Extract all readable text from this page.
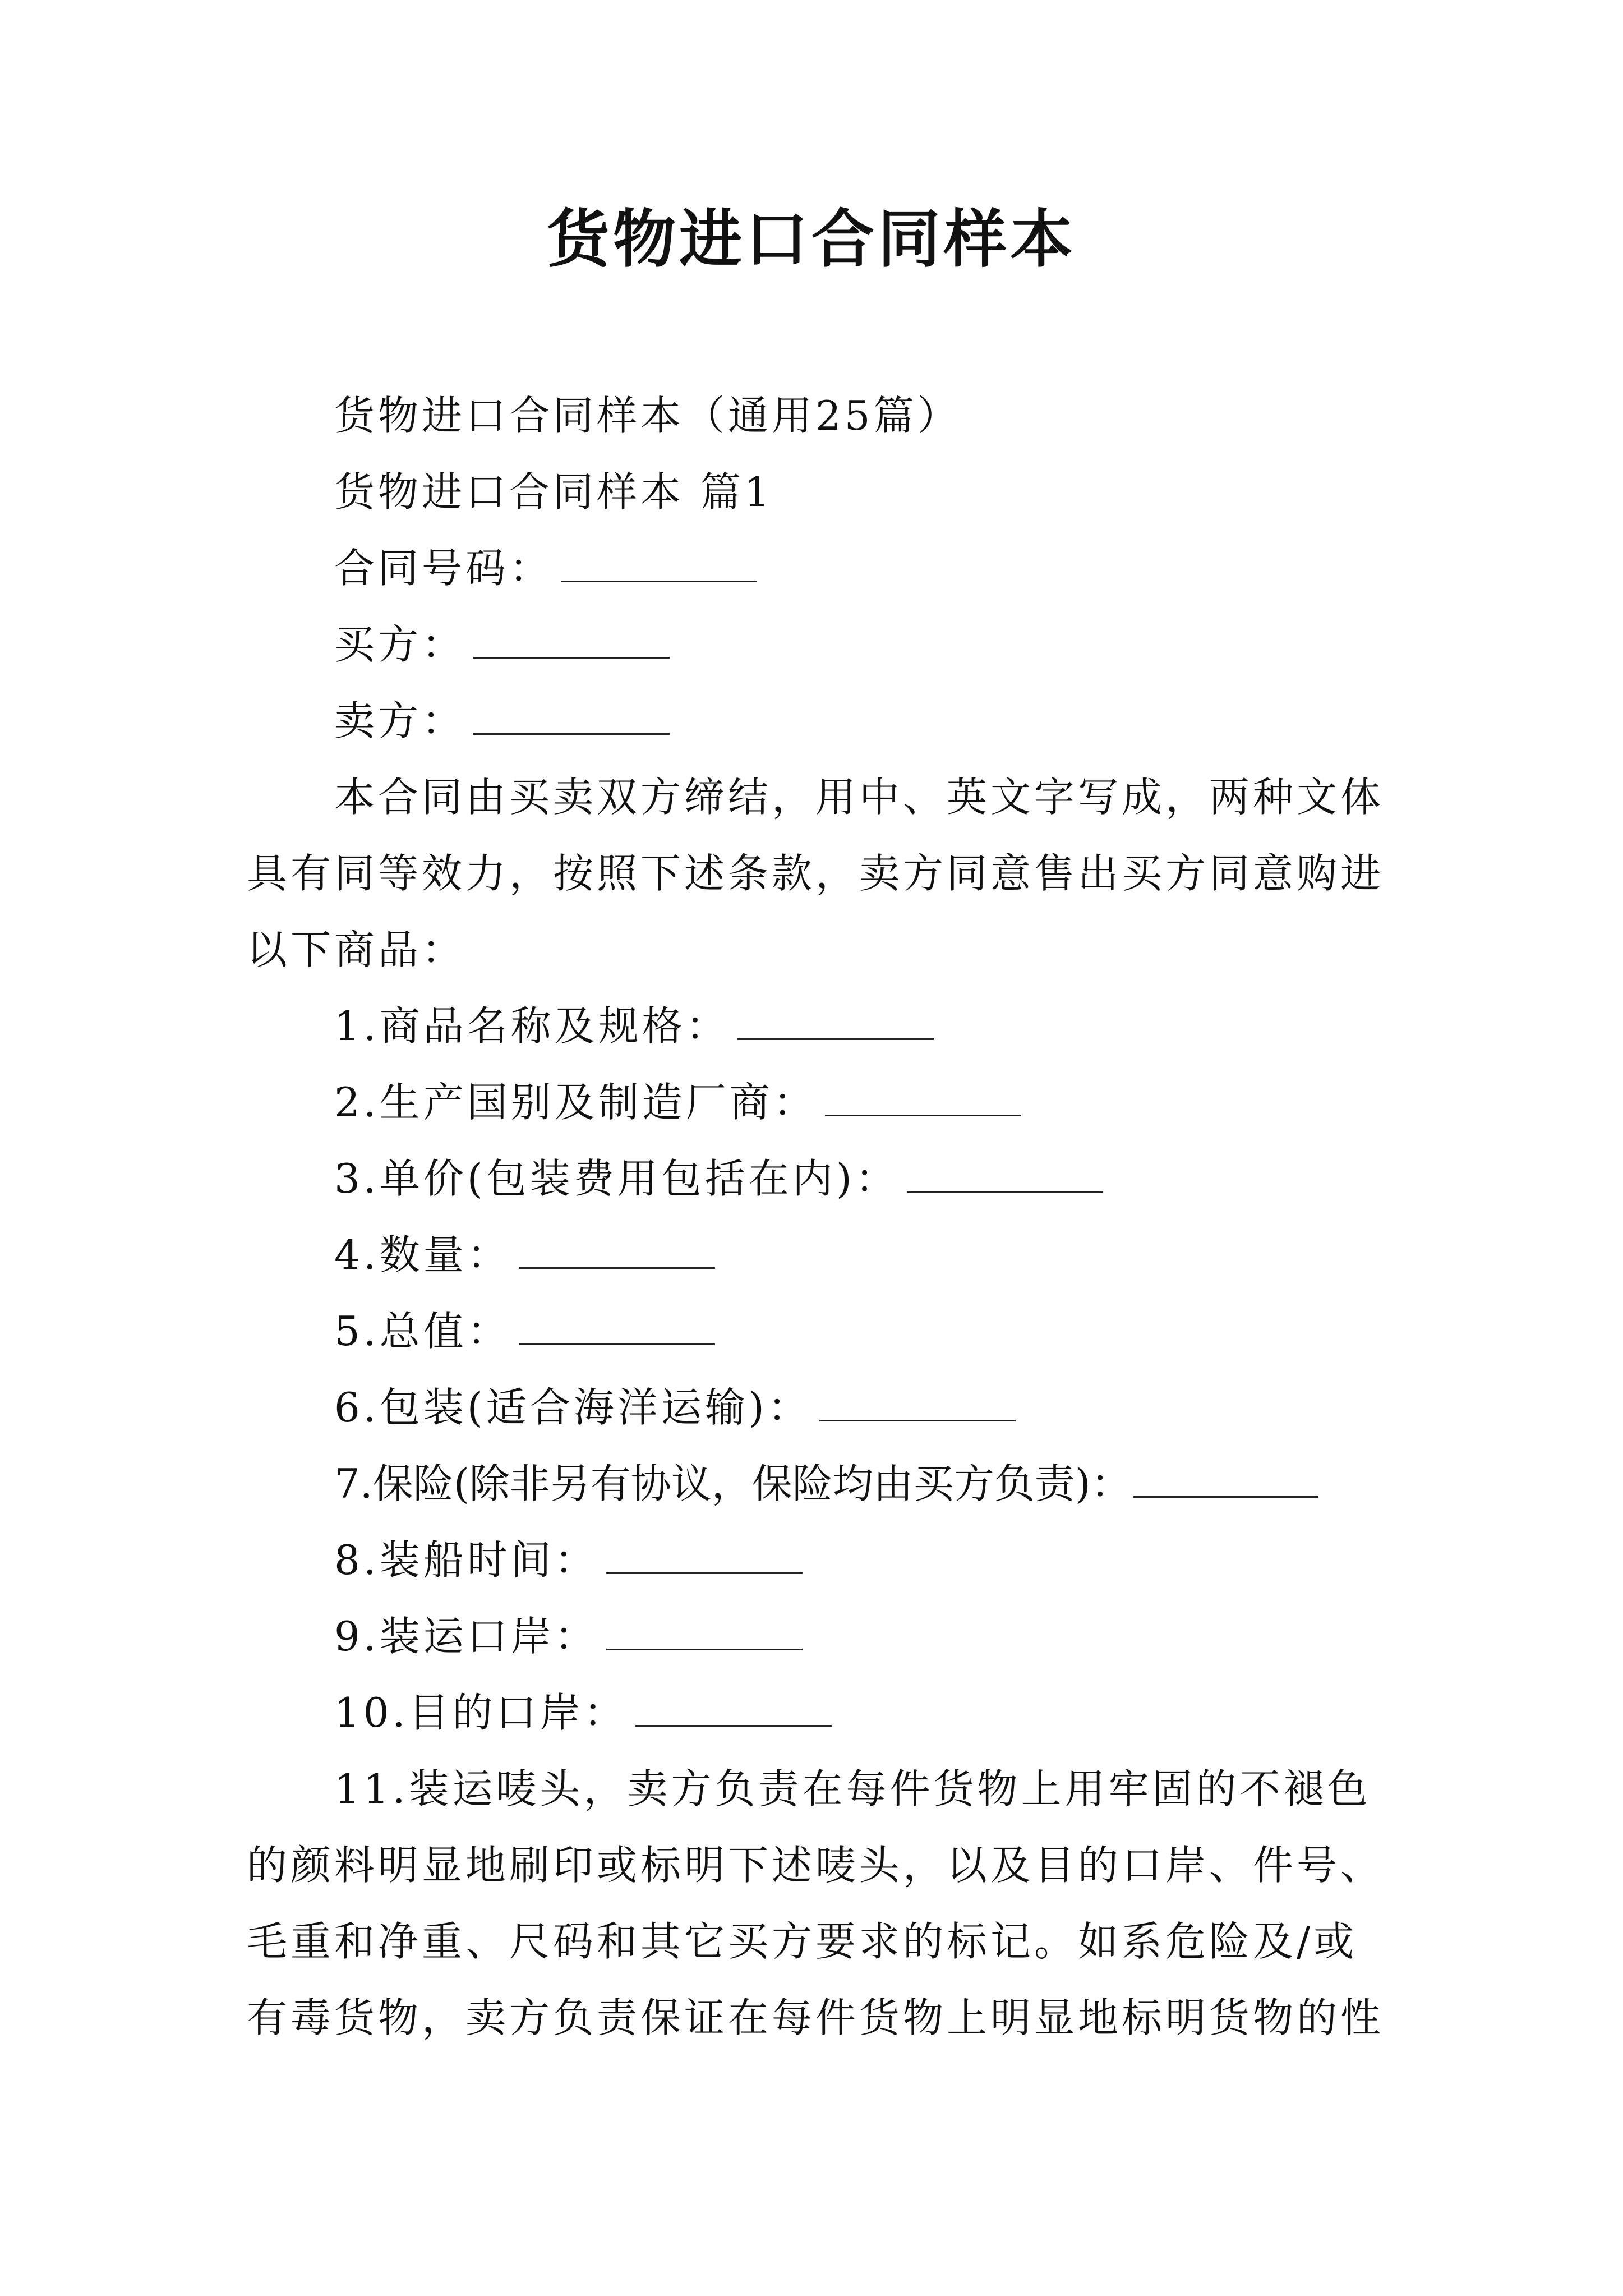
货物进口合同样本
货物进口合同样本（通用25篇）
货物进口合同样本 篇1
合同号码：
买方：
卖方：
本合同由买卖双方缔结，用中、英文字写成，两种文体
具有同等效力，按照下述条款，卖方同意售出买方同意购进
以下商品：
1.商品名称及规格：
2.生产国别及制造厂商：
3.单价(包装费用包括在内)：
4.数量：
5.总值：
6.包装(适合海洋运输)：
7.保险(除非另有协议，保险均由买方负责)：
8.装船时间：
9.装运口岸：
10.目的口岸：
11.装运唛头，卖方负责在每件货物上用牢固的不褪色
的颜料明显地刷印或标明下述唛头，以及目的口岸、件号、
毛重和净重、尺码和其它买方要求的标记。如系危险及/或
有毒货物，卖方负责保证在每件货物上明显地标明货物的性
